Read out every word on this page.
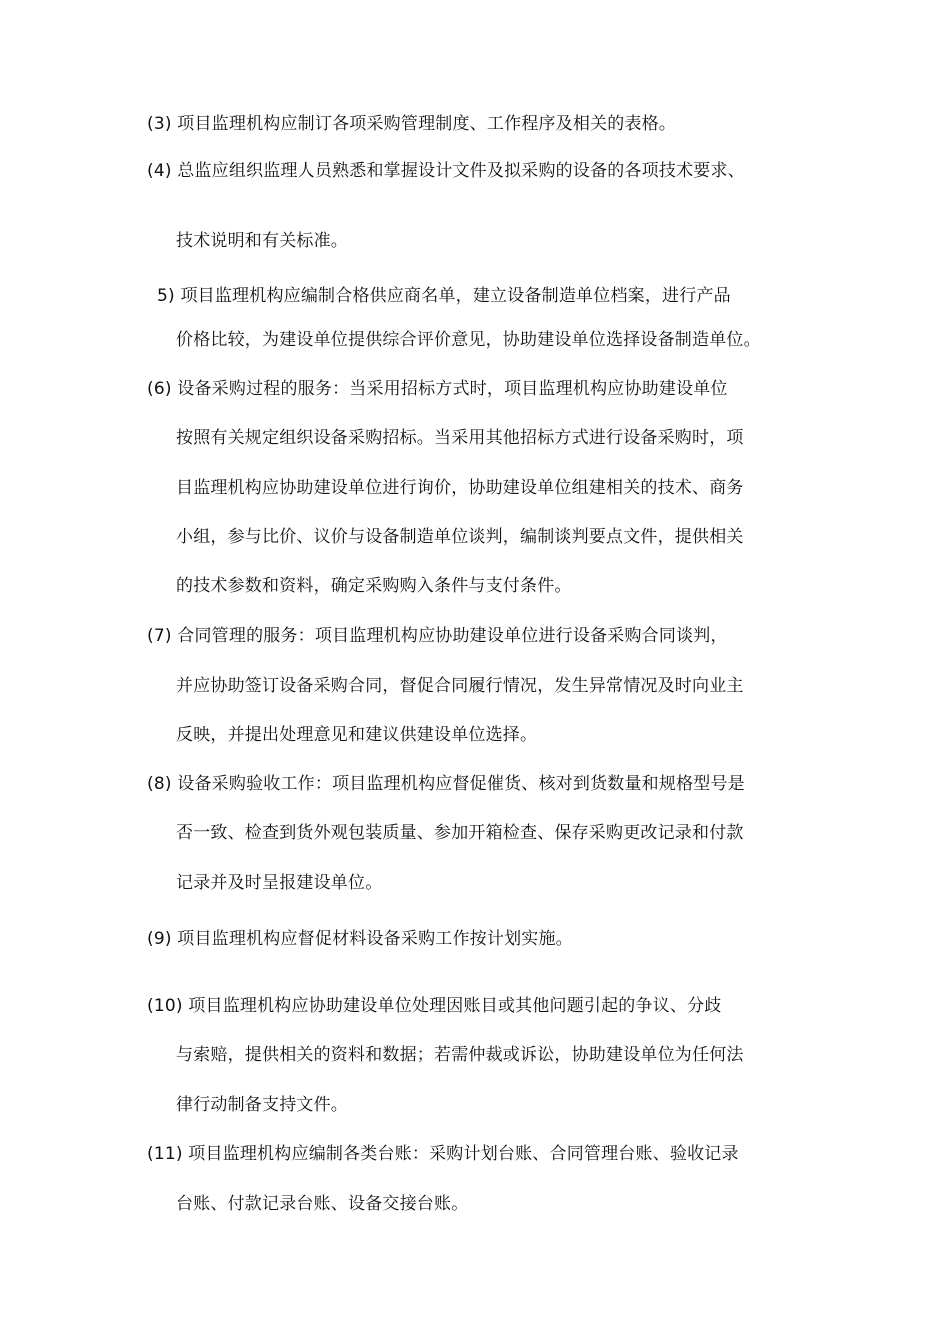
(3) 项目监理机构应制订各项采购管理制度、工作程序及相关的表格。
(4) 总监应组织监理人员熟悉和掌握设计文件及拟采购的设备的各项技术要求、
技术说明和有关标准。
5) 项目监理机构应编制合格供应商名单，建立设备制造单位档案，进行产品
价格比较，为建设单位提供综合评价意见，协助建设单位选择设备制造单位。
(6) 设备采购过程的服务：当采用招标方式时，项目监理机构应协助建设单位
按照有关规定组织设备采购招标。当采用其他招标方式进行设备采购时，项
目监理机构应协助建设单位进行询价，协助建设单位组建相关的技术、商务
小组，参与比价、议价与设备制造单位谈判，编制谈判要点文件，提供相关
的技术参数和资料，确定采购购入条件与支付条件。
(7) 合同管理的服务：项目监理机构应协助建设单位进行设备采购合同谈判，
并应协助签订设备采购合同，督促合同履行情况，发生异常情况及时向业主
反映，并提出处理意见和建议供建设单位选择。
(8) 设备采购验收工作：项目监理机构应督促催货、核对到货数量和规格型号是
否一致、检查到货外观包装质量、参加开箱检查、保存采购更改记录和付款
记录并及时呈报建设单位。
(9) 项目监理机构应督促材料设备采购工作按计划实施。
(10) 项目监理机构应协助建设单位处理因账目或其他问题引起的争议、分歧
与索赔，提供相关的资料和数据；若需仲裁或诉讼，协助建设单位为任何法
律行动制备支持文件。
(11) 项目监理机构应编制各类台账：采购计划台账、合同管理台账、验收记录
台账、付款记录台账、设备交接台账。
